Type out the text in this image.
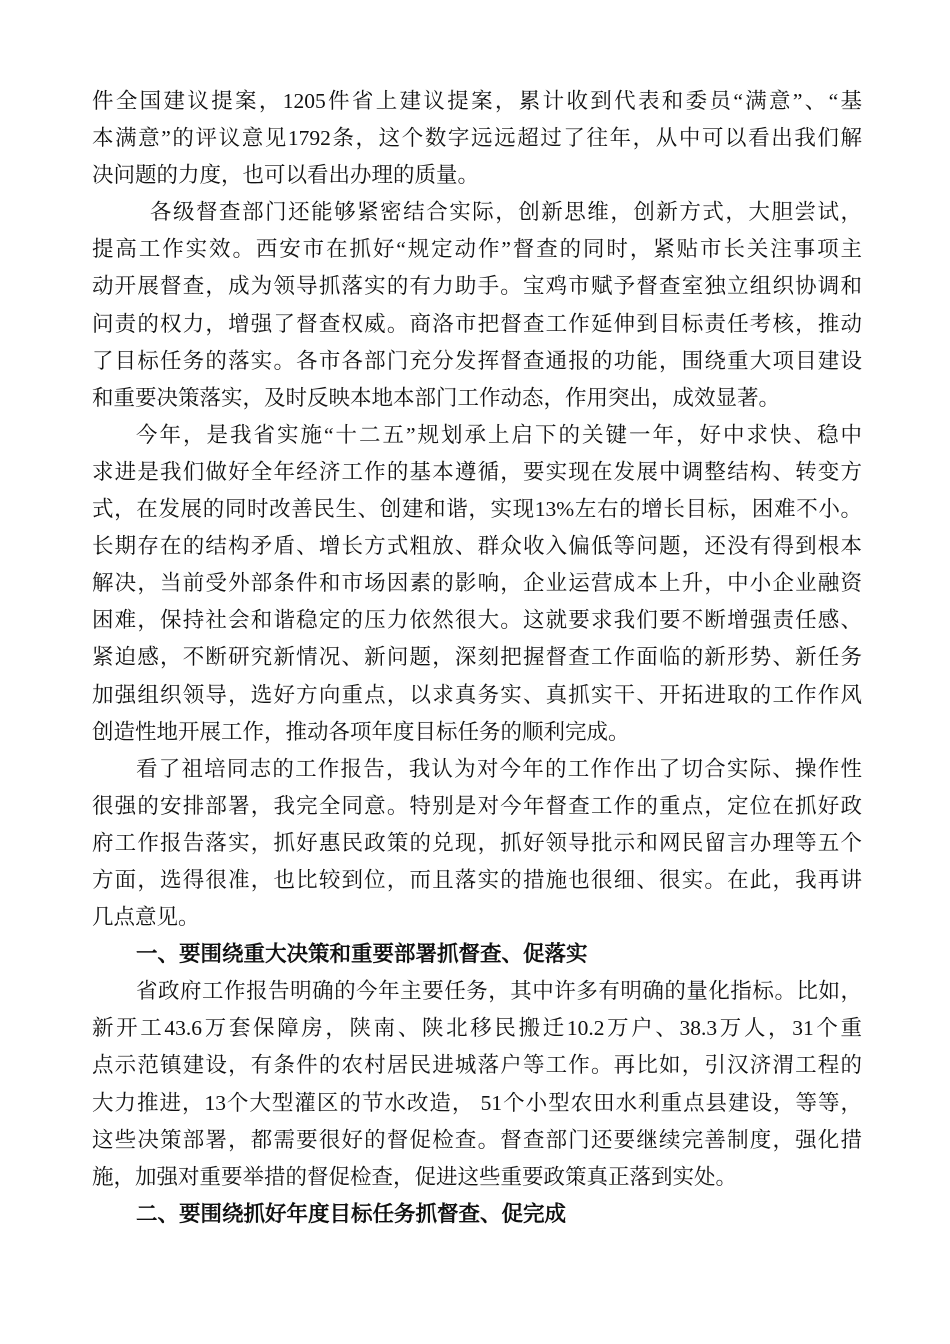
件全国建议提案，1205件省上建议提案，累计收到代表和委员“满意”、“基
本满意”的评议意见1792条，这个数字远远超过了往年，从中可以看出我们解
决问题的力度，也可以看出办理的质量。
各级督查部门还能够紧密结合实际，创新思维，创新方式，大胆尝试，
提高工作实效。西安市在抓好“规定动作”督查的同时，紧贴市长关注事项主
动开展督查，成为领导抓落实的有力助手。宝鸡市赋予督查室独立组织协调和
问责的权力，增强了督查权威。商洛市把督查工作延伸到目标责任考核，推动
了目标任务的落实。各市各部门充分发挥督查通报的功能，围绕重大项目建设
和重要决策落实，及时反映本地本部门工作动态，作用突出，成效显著。
今年，是我省实施“十二五”规划承上启下的关键一年，好中求快、稳中
求进是我们做好全年经济工作的基本遵循，要实现在发展中调整结构、转变方
式，在发展的同时改善民生、创建和谐，实现13%左右的增长目标，困难不小。
长期存在的结构矛盾、增长方式粗放、群众收入偏低等问题，还没有得到根本
解决，当前受外部条件和市场因素的影响，企业运营成本上升，中小企业融资
困难，保持社会和谐稳定的压力依然很大。这就要求我们要不断增强责任感、
紧迫感，不断研究新情况、新问题，深刻把握督查工作面临的新形势、新任务
加强组织领导，选好方向重点，以求真务实、真抓实干、开拓进取的工作作风
创造性地开展工作，推动各项年度目标任务的顺利完成。
看了祖培同志的工作报告，我认为对今年的工作作出了切合实际、操作性
很强的安排部署，我完全同意。特别是对今年督查工作的重点，定位在抓好政
府工作报告落实，抓好惠民政策的兑现，抓好领导批示和网民留言办理等五个
方面，选得很准，也比较到位，而且落实的措施也很细、很实。在此，我再讲
几点意见。
一、要围绕重大决策和重要部署抓督查、促落实
省政府工作报告明确的今年主要任务，其中许多有明确的量化指标。比如，
新开工43.6万套保障房，陕南、陕北移民搬迁10.2万户、38.3万人，31个重
点示范镇建设，有条件的农村居民进城落户等工作。再比如，引汉济渭工程的
大力推进，13个大型灌区的节水改造， 51个小型农田水利重点县建设，等等，
这些决策部署，都需要很好的督促检查。督查部门还要继续完善制度，强化措
施，加强对重要举措的督促检查，促进这些重要政策真正落到实处。
二、要围绕抓好年度目标任务抓督查、促完成
